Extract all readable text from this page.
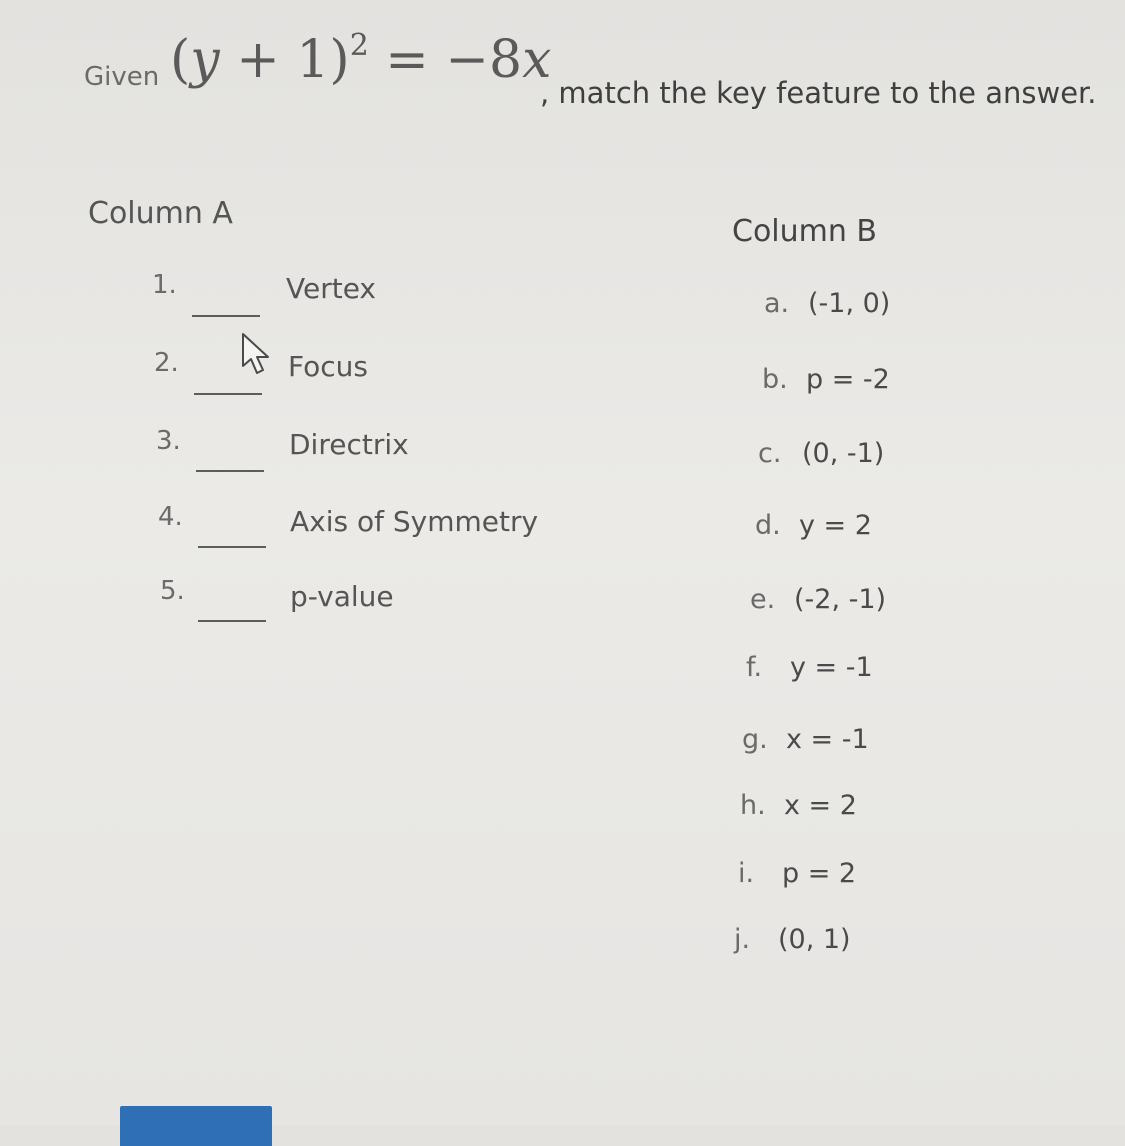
Given $(y + 1)^2 = -8x$
, match the key feature to the answer.
Column A
Column B
1.	Vertex
2.	Focus
3.	Directrix
4.	Axis of Symmetry
5.	p-value
a. (-1, 0)
b. p = -2
c. (0, -1)
d. y = 2
e. (-2, -1)
f. y = -1
g. x = -1
h. x = 2
i. p = 2
j. (0, 1)
